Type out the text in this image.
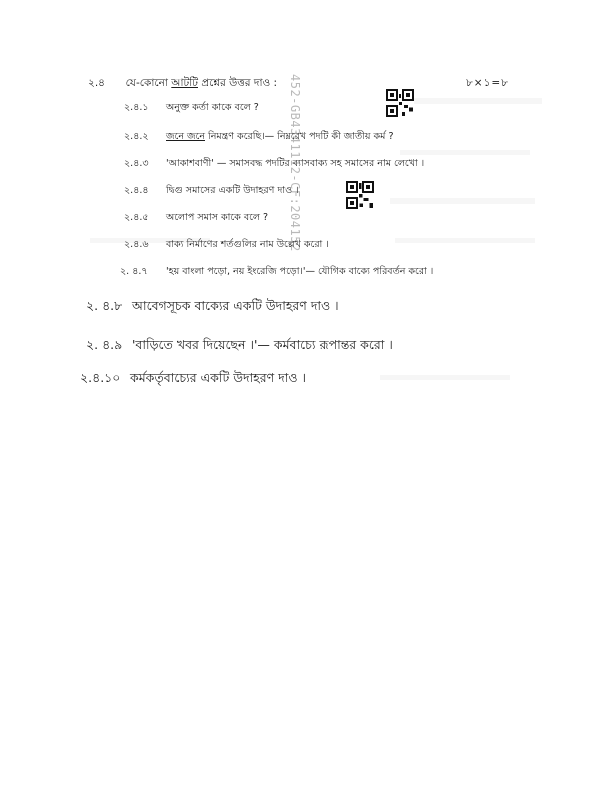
২.৪ যে-কোনো আটটি প্রশ্নের উত্তর দাও :	৮×১=৮
২.৪.১ অনুক্ত কর্তা কাকে বলে ?
২.৪.২ জনে জনে নিমন্ত্রণ করেছি।— নিম্নরেখ পদটি কী জাতীয় কর্ম ?
২.৪.৩ 'আকাশবাণী' — সমাসবদ্ধ পদটির ব্যাসবাক্য সহ সমাসের নাম লেখো ।
২.৪.৪ দ্বিগু সমাসের একটি উদাহরণ দাও ।
২.৪.৫ অলোপ সমাস কাকে বলে ?
২.৪.৬ বাক্য নির্মাণের শর্তগুলির নাম উল্লেখ করো ।
২. ৪.৭ 'হয় বাংলা পড়ো, নয় ইংরেজি পড়ো।'— যৌগিক বাক্যে পরিবর্তন করো ।
২. ৪.৮ আবেগসূচক বাক্যের একটি উদাহরণ দাও ।
২. ৪.৯ 'বাড়িতে খবর দিয়েছেন ।'— কর্মবাচ্যে রূপান্তর করো ।
২.৪.১০ কর্মকর্তৃবাচ্যের একটি উদাহরণ দাও ।
452-GB4341112-CF:204152
